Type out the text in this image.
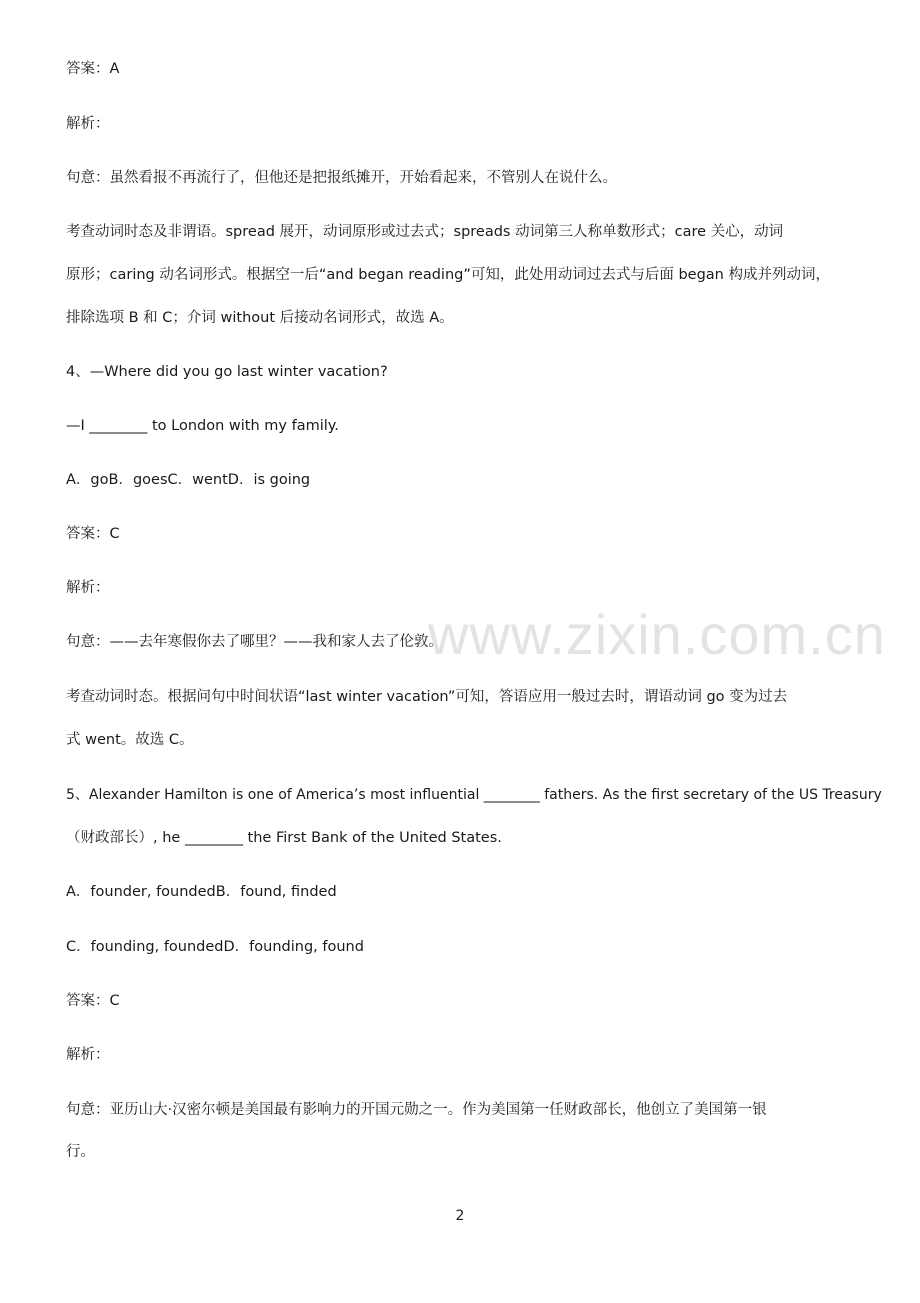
www.zixin.com.cn
答案：A
解析：
句意：虽然看报不再流行了，但他还是把报纸摊开，开始看起来，不管别人在说什么。
考查动词时态及非谓语。spread 展开，动词原形或过去式；spreads 动词第三人称单数形式；care 关心，动词
原形；caring 动名词形式。根据空一后“and began reading”可知，此处用动词过去式与后面 began 构成并列动词，
排除选项 B 和 C；介词 without 后接动名词形式，故选 A。
4、—Where did you go last winter vacation?
—I ________ to London with my family.
A．goB．goesC．wentD．is going
答案：C
解析：
句意：——去年寒假你去了哪里？——我和家人去了伦敦。
考查动词时态。根据问句中时间状语“last winter vacation”可知，答语应用一般过去时，谓语动词 go 变为过去
式 went。故选 C。
5、Alexander Hamilton is one of America’s most influential ________ fathers. As the first secretary of the US Treasury
（财政部长）, he ________ the First Bank of the United States.
A．founder, foundedB．found, finded
C．founding, foundedD．founding, found
答案：C
解析：
句意：亚历山大·汉密尔顿是美国最有影响力的开国元勋之一。作为美国第一任财政部长，他创立了美国第一银
行。
2
